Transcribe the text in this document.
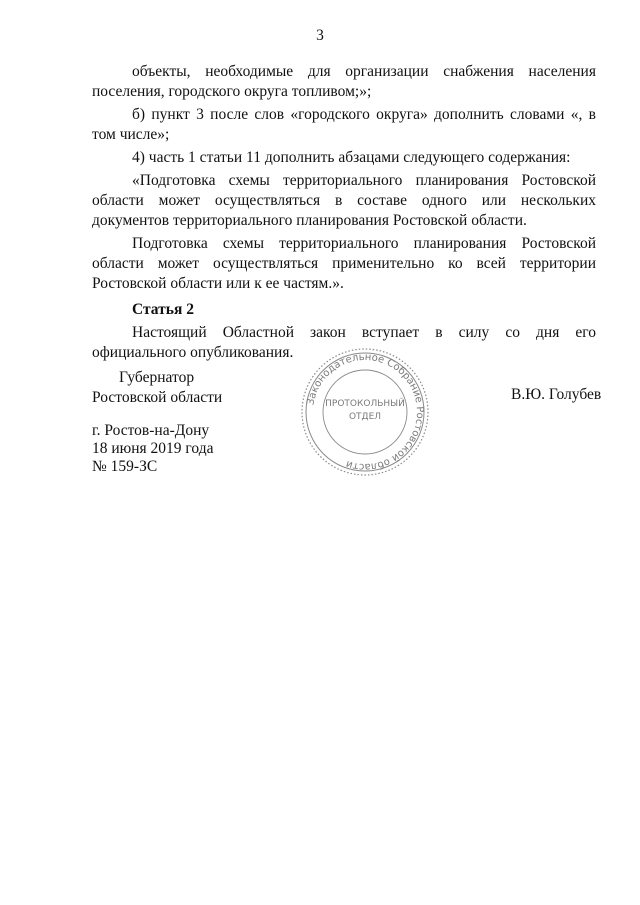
3

объекты, необходимые для организации снабжения населения поселения, городского округа топливом;»;

б) пункт 3 после слов «городского округа» дополнить словами «, в том числе»;

4) часть 1 статьи 11 дополнить абзацами следующего содержания:

«Подготовка схемы территориального планирования Ростовской области может осуществляться в составе одного или нескольких документов территориального планирования Ростовской области.

Подготовка схемы территориального планирования Ростовской области может осуществляться применительно ко всей территории Ростовской области или к ее частям.».

Статья 2

Настоящий Областной закон вступает в силу со дня его официального опубликования.

Губернатор
Ростовской области	В.Ю. Голубев
г. Ростов-на-Дону
18 июня 2019 года
№ 159-ЗС
Законодательное Собрание Ростовской области
ПРОТОКОЛЬНЫЙ
ОТДЕЛ
